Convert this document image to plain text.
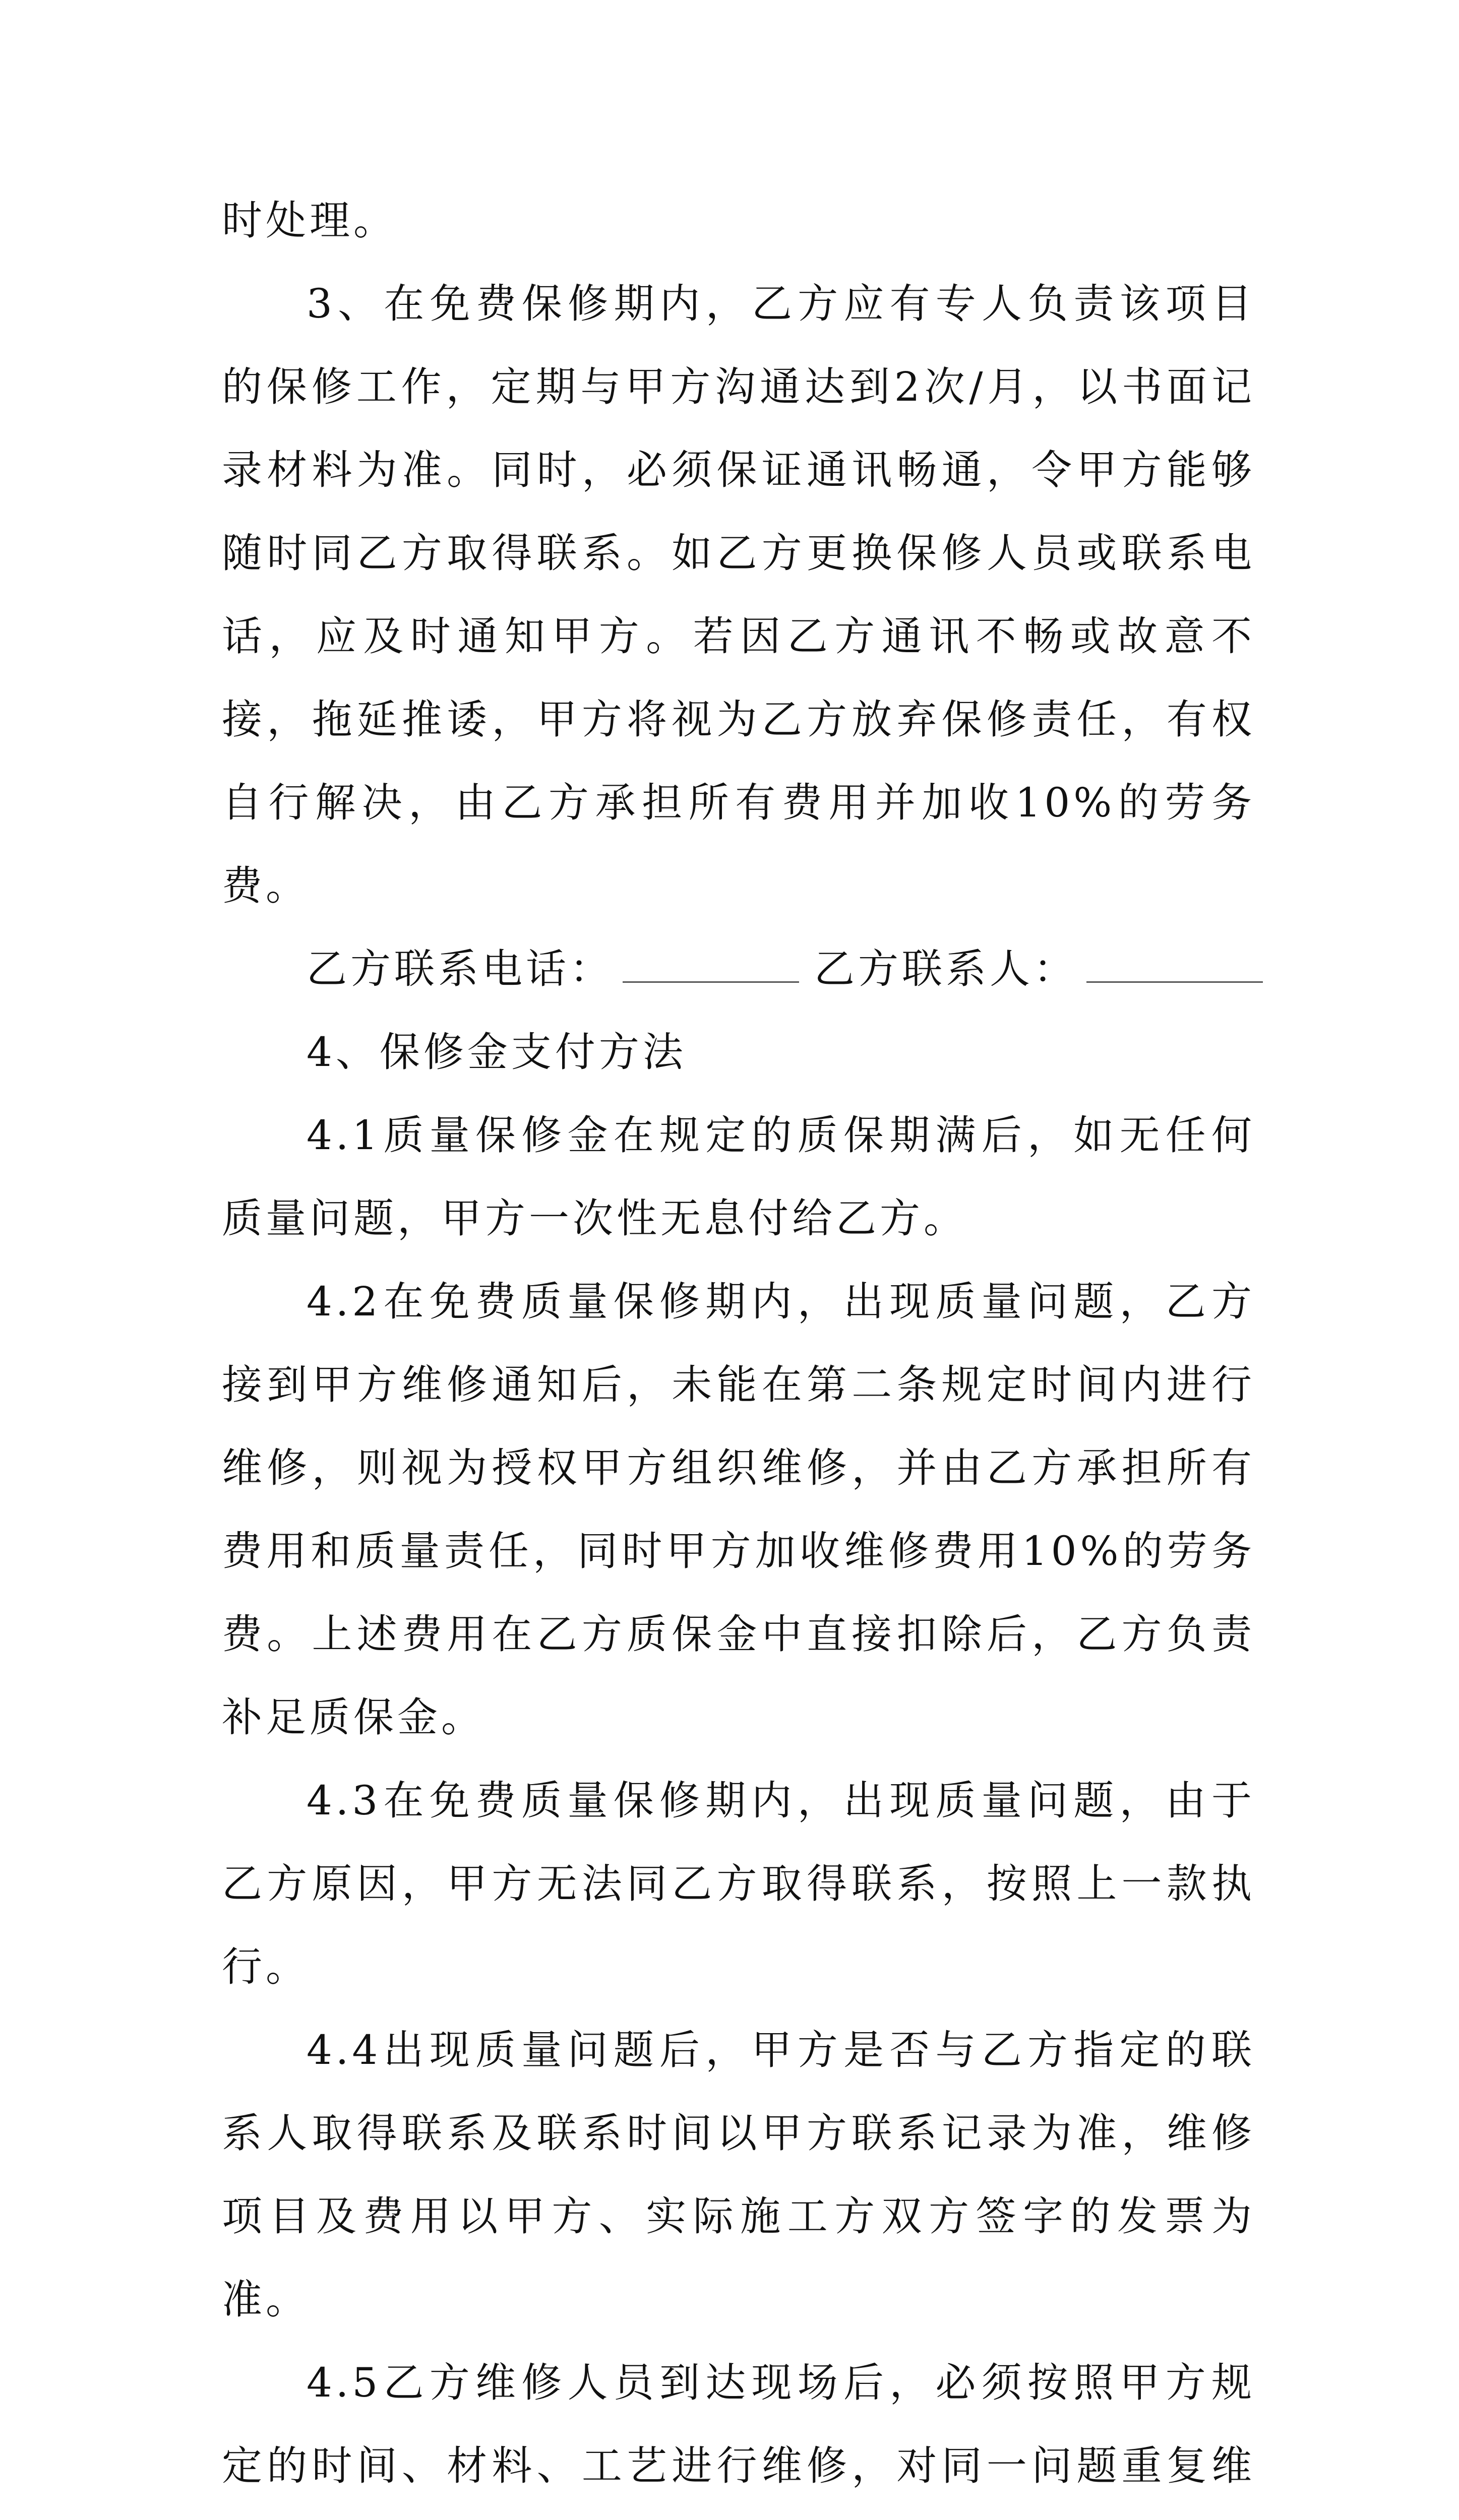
时处理。

3、在免费保修期内，乙方应有专人负责该项目的保修工作，定期与甲方沟通达到2次/月，以书面记录材料为准。同时，必须保证通讯畅通，令甲方能够随时同乙方取得联系。如乙方更换保修人员或联系电话，应及时通知甲方。若因乙方通讯不畅或故意不接，拖延推诿，甲方将视为乙方放弃保修责任，有权自行解决，由乙方承担所有费用并加收10%的劳务费。

乙方联系电话：	乙方联系人：

4、保修金支付方法

4.1质量保修金在规定的质保期满后，如无任何质量问题，甲方一次性无息付给乙方。

4.2在免费质量保修期内，出现质量问题，乙方接到甲方维修通知后，未能在第二条规定时间内进行维修，则视为授权甲方组织维修，并由乙方承担所有费用和质量责任，同时甲方加收维修费用10%的劳务费。上述费用在乙方质保金中直接扣除后，乙方负责补足质保金。

4.3在免费质量保修期内，出现质量问题，由于乙方原因，甲方无法同乙方取得联系，按照上一款执行。

4.4出现质量问题后，甲方是否与乙方指定的联系人取得联系及联系时间以甲方联系记录为准，维修项目及费用以甲方、实际施工方双方签字的发票为准。

4.5乙方维修人员到达现场后，必须按照甲方规定的时间、材料、工艺进行维修，对同一问题重复维
